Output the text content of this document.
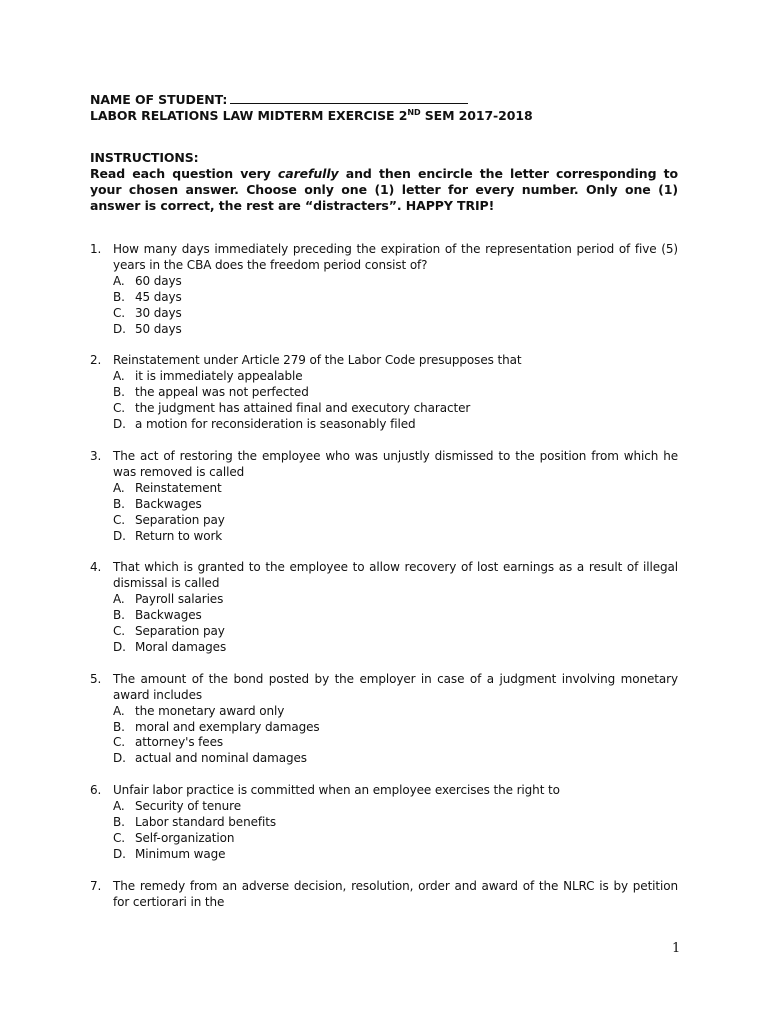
NAME OF STUDENT:
LABOR RELATIONS LAW MIDTERM EXERCISE 2ND SEM 2017-2018
INSTRUCTIONS:
Read each question very carefully and then encircle the letter corresponding to your chosen answer. Choose only one (1) letter for every number. Only one (1) answer is correct, the rest are “distracters”. HAPPY TRIP!
1. How many days immediately preceding the expiration of the representation period of five (5) years in the CBA does the freedom period consist of?
A. 60 days
B. 45 days
C. 30 days
D. 50 days
2. Reinstatement under Article 279 of the Labor Code presupposes that
A. it is immediately appealable
B. the appeal was not perfected
C. the judgment has attained final and executory character
D. a motion for reconsideration is seasonably filed
3. The act of restoring the employee who was unjustly dismissed to the position from which he was removed is called
A. Reinstatement
B. Backwages
C. Separation pay
D. Return to work
4. That which is granted to the employee to allow recovery of lost earnings as a result of illegal dismissal is called
A. Payroll salaries
B. Backwages
C. Separation pay
D. Moral damages
5. The amount of the bond posted by the employer in case of a judgment involving monetary award includes
A. the monetary award only
B. moral and exemplary damages
C. attorney's fees
D. actual and nominal damages
6. Unfair labor practice is committed when an employee exercises the right to
A. Security of tenure
B. Labor standard benefits
C. Self-organization
D. Minimum wage
7. The remedy from an adverse decision, resolution, order and award of the NLRC is by petition for certiorari in the
1
